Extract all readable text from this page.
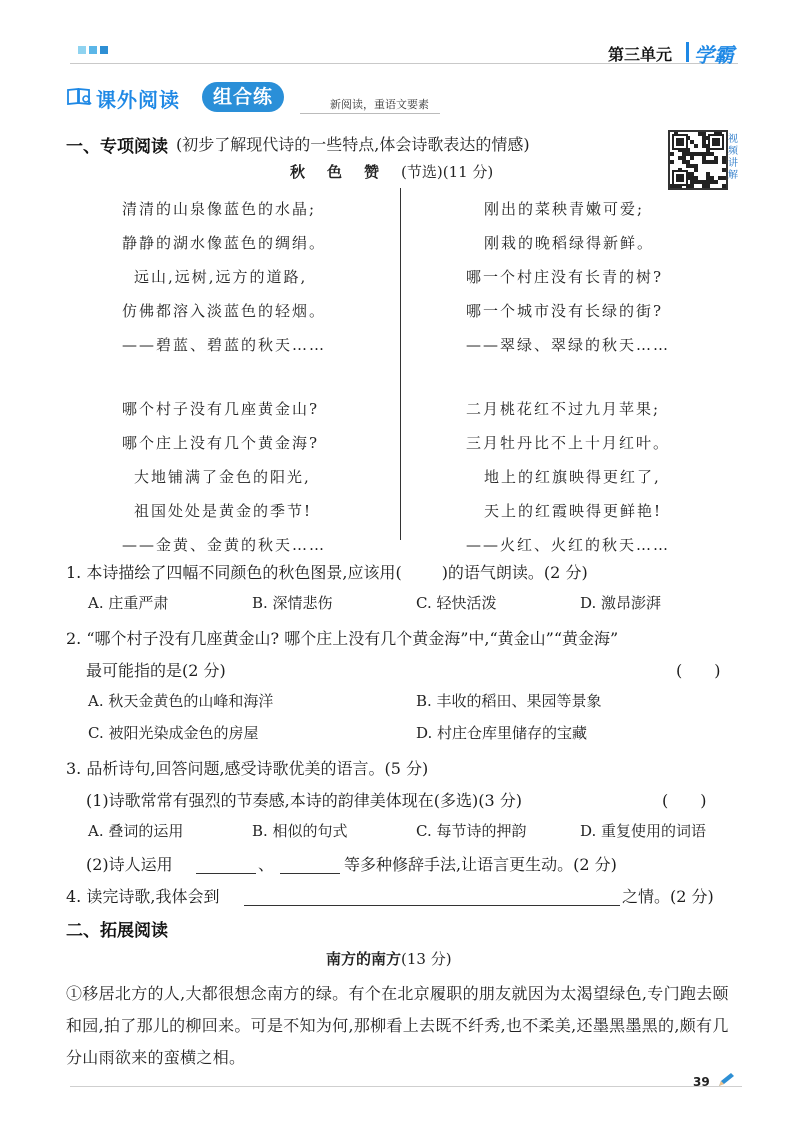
第三单元 学霸
课外阅读	组合练	新阅读，重语文要素
视频讲解
一、专项阅读 (初步了解现代诗的一些特点,体会诗歌表达的情感)
秋色赞(节选)(11 分)
清清的山泉像蓝色的水晶;
静静的湖水像蓝色的绸绢。
远山,远树,远方的道路,
仿佛都溶入淡蓝色的轻烟。
——碧蓝、碧蓝的秋天……
哪个村子没有几座黄金山?
哪个庄上没有几个黄金海?
大地铺满了金色的阳光,
祖国处处是黄金的季节!
——金黄、金黄的秋天……
刚出的菜秧青嫩可爱;
刚栽的晚稻绿得新鲜。
哪一个村庄没有长青的树?
哪一个城市没有长绿的街?
——翠绿、翠绿的秋天……
二月桃花红不过九月苹果;
三月牡丹比不上十月红叶。
地上的红旗映得更红了,
天上的红霞映得更鲜艳!
——火红、火红的秋天……
1. 本诗描绘了四幅不同颜色的秋色图景,应该用(	)的语气朗读。(2 分)
A. 庄重严肃	B. 深情悲伤	C. 轻快活泼	D. 激昂澎湃
2. “哪个村子没有几座黄金山? 哪个庄上没有几个黄金海”中,“黄金山”“黄金海”
最可能指的是(2 分)	(　　)
A. 秋天金黄色的山峰和海洋	B. 丰收的稻田、果园等景象
C. 被阳光染成金色的房屋	D. 村庄仓库里储存的宝藏
3. 品析诗句,回答问题,感受诗歌优美的语言。(5 分)
(1)诗歌常常有强烈的节奏感,本诗的韵律美体现在(多选)(3 分)	(　　)
A. 叠词的运用	B. 相似的句式	C. 每节诗的押韵	D. 重复使用的词语
(2)诗人运用	、	等多种修辞手法,让语言更生动。(2 分)
4. 读完诗歌,我体会到	之情。(2 分)
二、拓展阅读
南方的南方(13 分)
①移居北方的人,大都很想念南方的绿。有个在北京履职的朋友就因为太渴望绿色,专门跑去颐和园,拍了那儿的柳回来。可是不知为何,那柳看上去既不纤秀,也不柔美,还墨黑墨黑的,颇有几分山雨欲来的蛮横之相。
39
